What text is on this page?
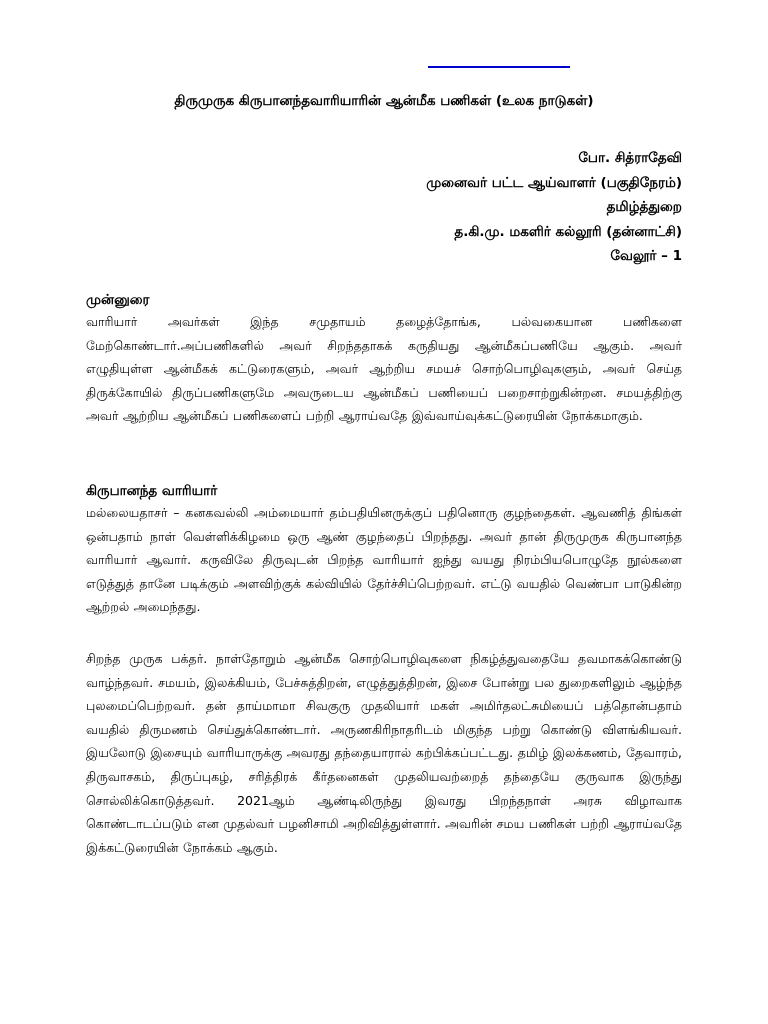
திருமுருக கிருபானந்தவாரியாரின் ஆன்மீக பணிகள் (உலக நாடுகள்)
போ. சித்ராதேவி
முனைவர் பட்ட ஆய்வாளர் (பகுதிநேரம்)
தமிழ்த்துறை
த.கி.மு. மகளிர் கல்லூரி (தன்னாட்சி)
வேலூர் – 1

முன்னுரை

வாரியார் அவர்கள் இந்த சமுதாயம் தழைத்தோங்க, பல்வகையான பணிகளை மேற்கொண்டார்.அப்பணிகளில் அவர் சிறந்ததாகக் கருதியது ஆன்மீகப்பணியே ஆகும். அவர் எழுதியுள்ள ஆன்மீகக் கட்டுரைகளும், அவர் ஆற்றிய சமயச் சொற்பொழிவுகளும், அவர் செய்த திருக்கோயில் திருப்பணிகளுமே அவருடைய ஆன்மீகப் பணியைப் பறைசாற்றுகின்றன. சமயத்திற்கு அவர் ஆற்றிய ஆன்மீகப் பணிகளைப் பற்றி ஆராய்வதே இவ்வாய்வுக்கட்டுரையின் நோக்கமாகும்.

கிருபானந்த வாரியார்

மல்லையதாசர் – கனகவல்லி அம்மையார் தம்பதியினருக்குப் பதினொரு குழந்தைகள். ஆவணித் திங்கள் ஒன்பதாம் நாள் வெள்ளிக்கிழமை ஒரு ஆண் குழந்தைப் பிறந்தது. அவர் தான் திருமுருக கிருபானந்த வாரியார் ஆவார். கருவிலே திருவுடன் பிறந்த வாரியார் ஐந்து வயது நிரம்பியபொழுதே நூல்களை எடுத்துத் தானே படிக்கும் அளவிற்குக் கல்வியில் தேர்ச்சிப்பெற்றவர். எட்டு வயதில் வெண்பா பாடுகின்ற ஆற்றல் அமைந்தது.

சிறந்த முருக பக்தர். நாள்தோறும் ஆன்மீக சொற்பொழிவுகளை நிகழ்த்துவதையே தவமாகக்கொண்டு வாழ்ந்தவர். சமயம், இலக்கியம், பேச்சுத்திறன், எழுத்துத்திறன், இசை போன்று பல துறைகளிலும் ஆழ்ந்த புலமைப்பெற்றவர். தன் தாய்மாமா சிவகுரு முதலியார் மகள் அமிர்தலட்சுமியைப் பத்தொன்பதாம் வயதில் திருமணம் செய்துக்கொண்டார். அருணகிரிநாதரிடம் மிகுந்த பற்று கொண்டு விளங்கியவர். இயலோடு இசையும் வாரியாருக்கு அவரது தந்தையாரால் கற்பிக்கப்பட்டது. தமிழ் இலக்கணம், தேவாரம், திருவாசகம், திருப்புகழ், சரித்திரக் கீர்தனைகள் முதலியவற்றைத் தந்தையே குருவாக இருந்து சொல்லிக்கொடுத்தவர். 2021ஆம் ஆண்டிலிருந்து இவரது பிறந்தநாள் அரசு விழாவாக கொண்டாடப்படும் என முதல்வர் பழனிசாமி அறிவித்துள்ளார். அவரின் சமய பணிகள் பற்றி ஆராய்வதே இக்கட்டுரையின் நோக்கம் ஆகும்.
